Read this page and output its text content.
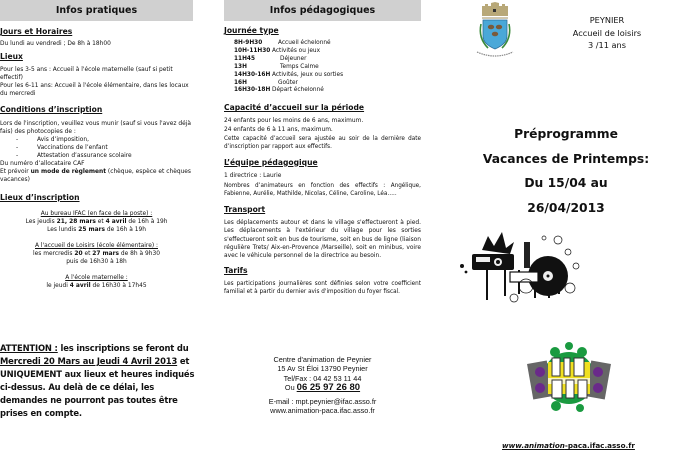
Infos pratiques
Jours et Horaires
Du lundi au vendredi ; De 8h à 18h00
Lieux
Pour les 3-5 ans : Accueil à l'école maternelle (sauf si petit effectif)
Pour les 6-11 ans: Accueil à l'école élémentaire, dans les locaux du mercredi
Conditions d’inscription
Lors de l'inscription, veuillez vous munir (sauf si vous l'avez déjà fais) des photocopies de :
-	Avis d’imposition,
-	Vaccinations de l’enfant
-	Attestation d’assurance scolaire
Du numéro d’allocataire CAF
Et prévoir un mode de règlement (chèque, espèce et chèques vacances)
Lieux d’inscription
Au bureau IFAC (en face de la poste) :
Les jeudis 21, 28 mars et 4 avril de 16h à 19h
Les lundis 25 mars de 16h à 19h
A l'accueil de Loisirs (école élémentaire) :
les mercredis 20 et 27 mars de 8h à 9h30
puis de 16h30 à 18h
A l'école maternelle :
le jeudi 4 avril de 16h30 à 17h45
ATTENTION : les inscriptions se feront du Mercredi 20 Mars au Jeudi 4 Avril 2013 et UNIQUEMENT aux lieux et heures indiqués ci-dessus. Au delà de ce délai, les demandes ne pourront pas toutes être prises en compte.
Infos pédagogiques
Journée type
8H-9H30	Accueil échelonné
10H-11H30 Activités ou jeux
11H45	Déjeuner
13H	Temps Calme
14H30-16H Activités, jeux ou sorties
16H	Goûter
16H30-18H Départ échelonné
Capacité d’accueil sur la période
24 enfants pour les moins de 6 ans, maximum.
24 enfants de 6 à 11 ans, maximum.
Cette capacité d’accueil sera ajustée au soir de la dernière date d’inscription par rapport aux effectifs.
L’équipe pédagogique
1 directrice : Laurie
Nombres d’animateurs en fonction des effectifs : Angélique, Fabienne, Aurélie, Mathilde, Nicolas, Céline, Caroline, Léa…..
Transport
Les déplacements autour et dans le village s'effectueront à pied. Les déplacements à l'extérieur du village pour les sorties s'effectueront soit en bus de tourisme, soit en bus de ligne (liaison régulière Trets/ Aix-en-Provence /Marseille), soit en minibus, voire avec le véhicule personnel de la directrice au besoin.
Tarifs
Les participations journalières sont définies selon votre coefficient familial et à partir du dernier avis d'imposition du foyer fiscal.
Centre d'animation de Peynier
15 Av St Éloi 13790 Peynier
Tel/Fax : 04 42 53 11 44
Ou 06 25 97 26 80
E-mail : mpt.peynier@ifac.asso.fr
www.animation-paca.ifac.asso.fr
PEYNIER
Accueil de loisirs
3 /11 ans
Préprogramme
Vacances de Printemps:
Du 15/04 au
26/04/2013
www.animation-paca.ifac.asso.fr
